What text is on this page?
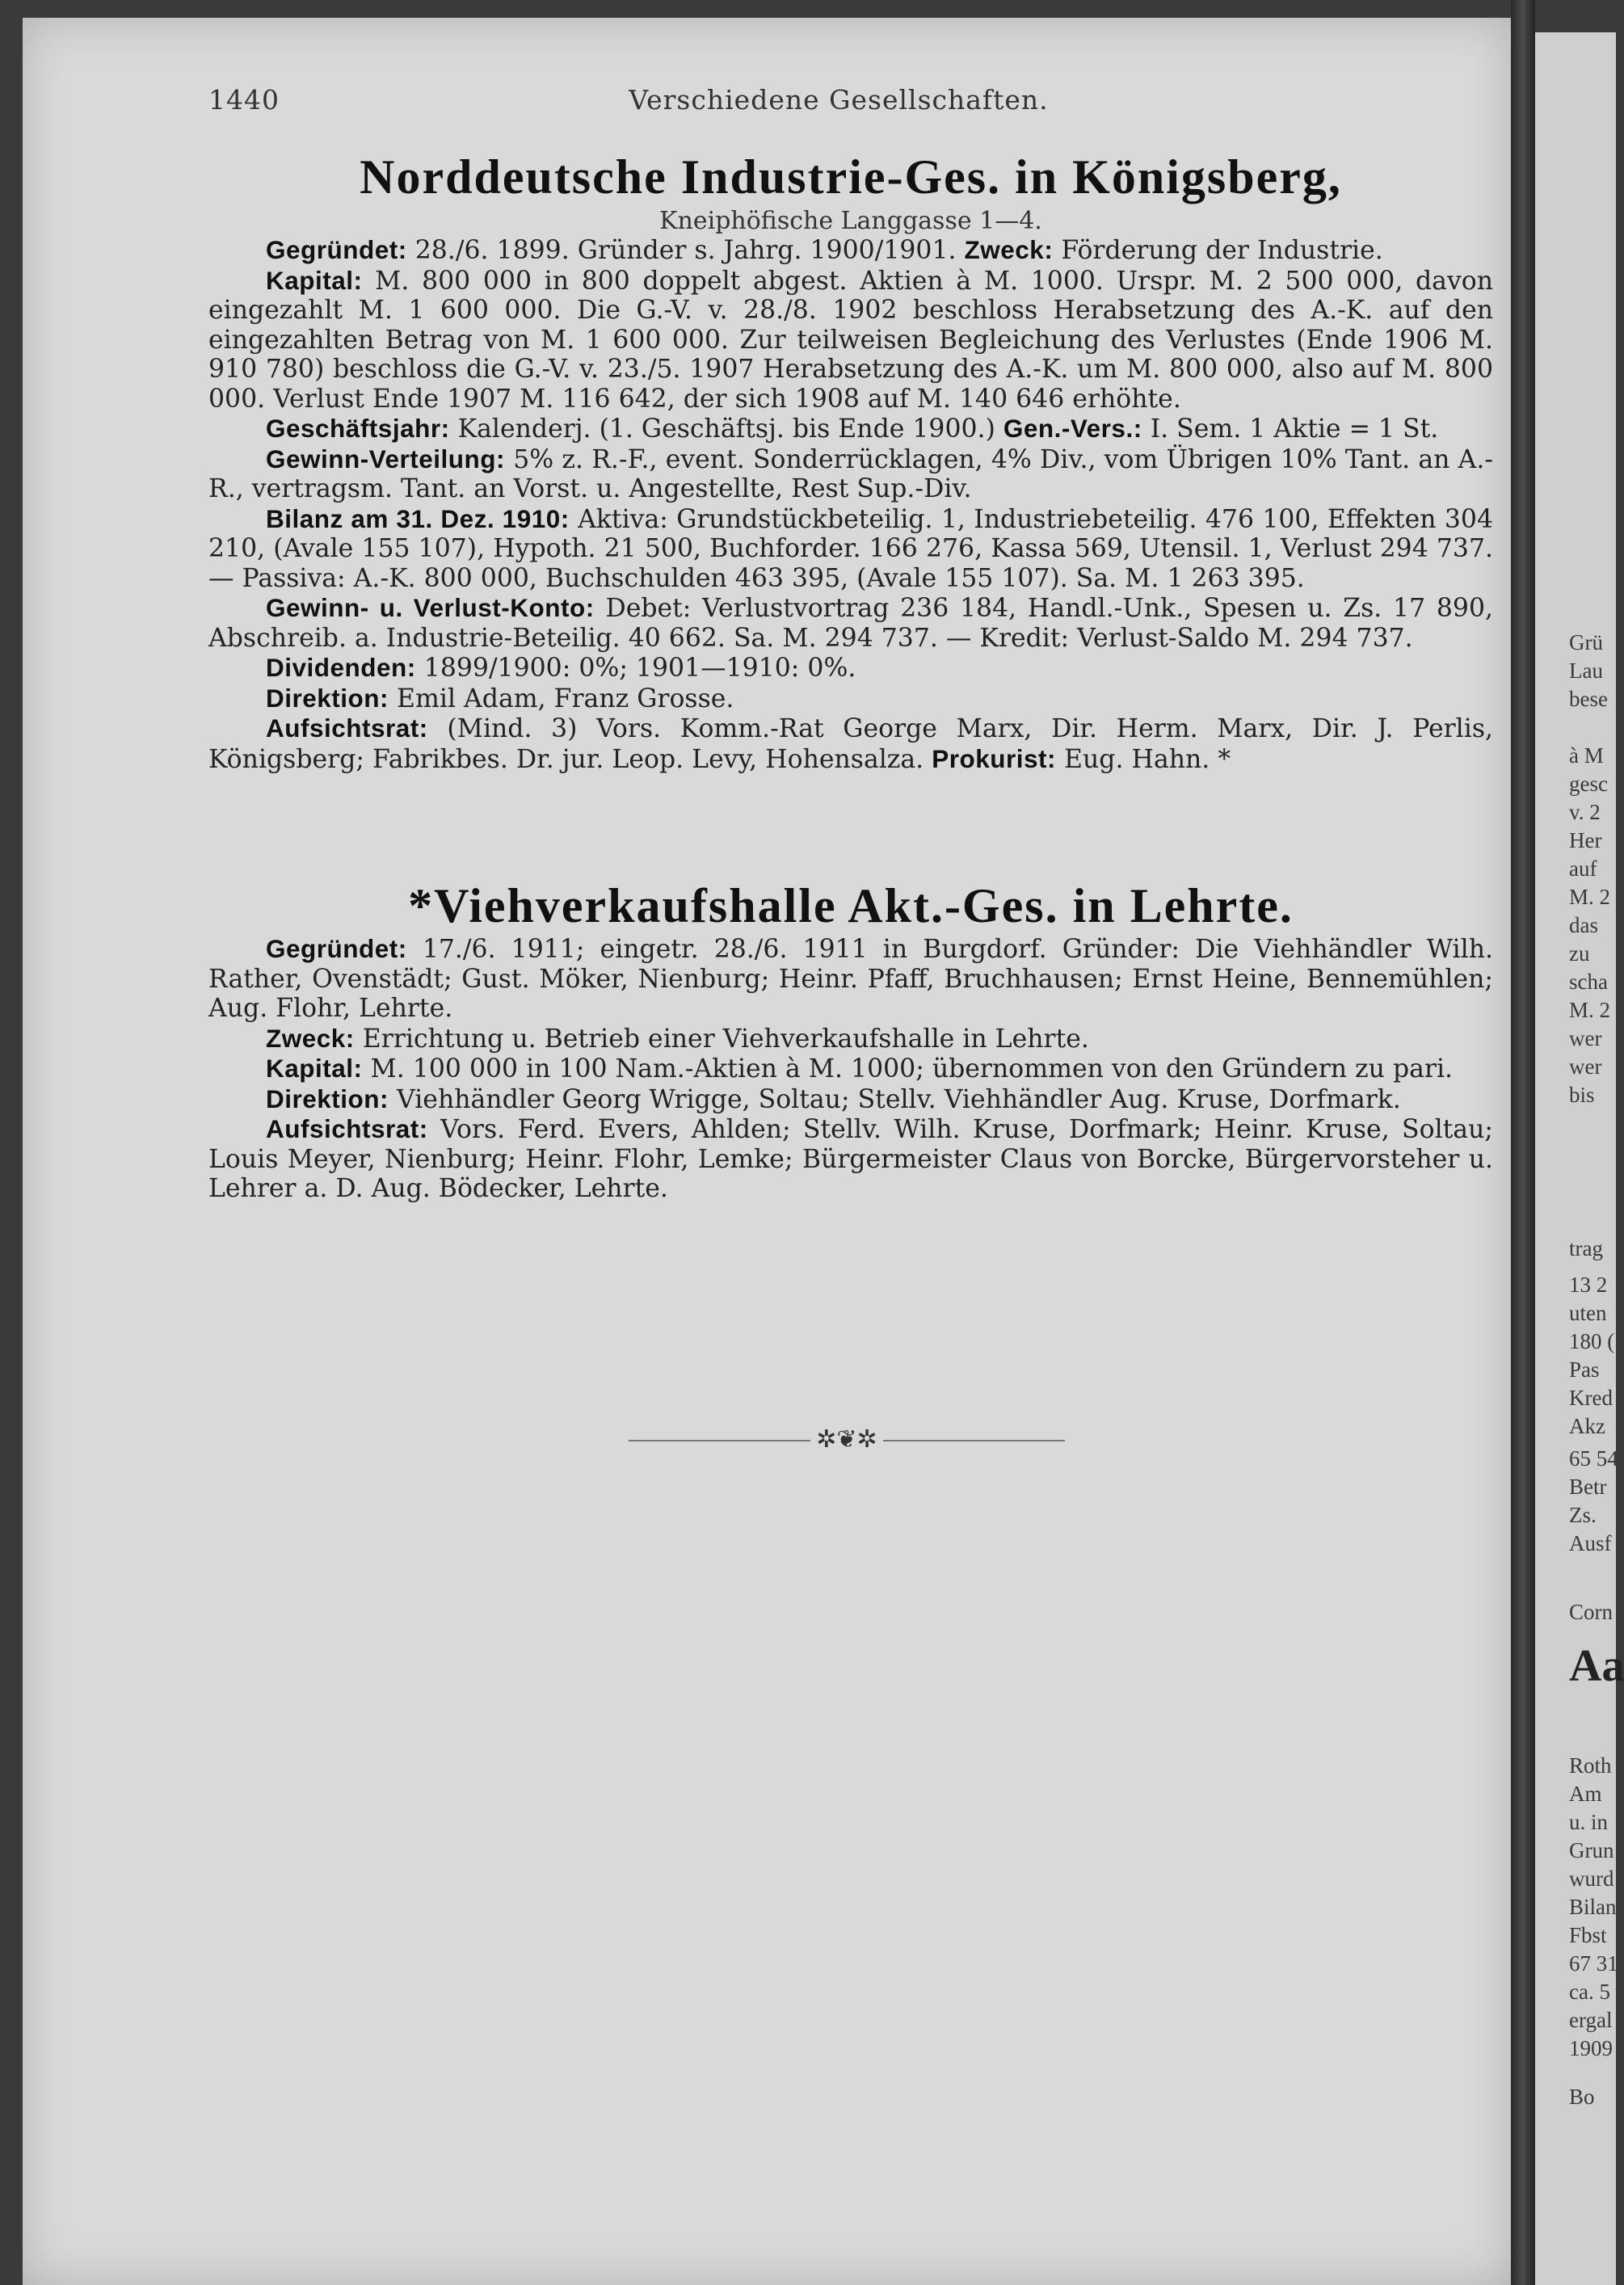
1440	Verschiedene Gesellschaften.
Norddeutsche Industrie-Ges. in Königsberg,
Kneiphöfische Langgasse 1—4.

Gegründet: 28./6. 1899. Gründer s. Jahrg. 1900/1901. Zweck: Förderung der Industrie.

Kapital: M. 800 000 in 800 doppelt abgest. Aktien à M. 1000. Urspr. M. 2 500 000, davon eingezahlt M. 1 600 000. Die G.-V. v. 28./8. 1902 beschloss Herabsetzung des A.-K. auf den eingezahlten Betrag von M. 1 600 000. Zur teilweisen Begleichung des Verlustes (Ende 1906 M. 910 780) beschloss die G.-V. v. 23./5. 1907 Herabsetzung des A.-K. um M. 800 000, also auf M. 800 000. Verlust Ende 1907 M. 116 642, der sich 1908 auf M. 140 646 erhöhte.

Geschäftsjahr: Kalenderj. (1. Geschäftsj. bis Ende 1900.) Gen.-Vers.: I. Sem. 1 Aktie = 1 St.

Gewinn-Verteilung: 5% z. R.-F., event. Sonderrücklagen, 4% Div., vom Übrigen 10% Tant. an A.-R., vertragsm. Tant. an Vorst. u. Angestellte, Rest Sup.-Div.

Bilanz am 31. Dez. 1910: Aktiva: Grundstückbeteilig. 1, Industriebeteilig. 476 100, Effekten 304 210, (Avale 155 107), Hypoth. 21 500, Buchforder. 166 276, Kassa 569, Utensil. 1, Verlust 294 737. — Passiva: A.-K. 800 000, Buchschulden 463 395, (Avale 155 107). Sa. M. 1 263 395.

Gewinn- u. Verlust-Konto: Debet: Verlustvortrag 236 184, Handl.-Unk., Spesen u. Zs. 17 890, Abschreib. a. Industrie-Beteilig. 40 662. Sa. M. 294 737. — Kredit: Verlust-Saldo M. 294 737.

Dividenden: 1899/1900: 0%; 1901—1910: 0%.

Direktion: Emil Adam, Franz Grosse.

Aufsichtsrat: (Mind. 3) Vors. Komm.-Rat George Marx, Dir. Herm. Marx, Dir. J. Perlis, Königsberg; Fabrikbes. Dr. jur. Leop. Levy, Hohensalza. Prokurist: Eug. Hahn. *

*Viehverkaufshalle Akt.-Ges. in Lehrte.

Gegründet: 17./6. 1911; eingetr. 28./6. 1911 in Burgdorf. Gründer: Die Viehhändler Wilh. Rather, Ovenstädt; Gust. Möker, Nienburg; Heinr. Pfaff, Bruchhausen; Ernst Heine, Bennemühlen; Aug. Flohr, Lehrte.

Zweck: Errichtung u. Betrieb einer Viehverkaufshalle in Lehrte.

Kapital: M. 100 000 in 100 Nam.-Aktien à M. 1000; übernommen von den Gründern zu pari.

Direktion: Viehhändler Georg Wrigge, Soltau; Stellv. Viehhändler Aug. Kruse, Dorfmark.

Aufsichtsrat: Vors. Ferd. Evers, Ahlden; Stellv. Wilh. Kruse, Dorfmark; Heinr. Kruse, Soltau; Louis Meyer, Nienburg; Heinr. Flohr, Lemke; Bürgermeister Claus von Borcke, Bürgervorsteher u. Lehrer a. D. Aug. Bödecker, Lehrte.

✲❦✲
Grü
Lau
bese
à M
gesc
v. 2
Her
auf
M. 2
das
zu
scha
M. 2
wer
wer
bis
trag
13 2
uten
180 (
Pas
Kred
Akz
65 54
Betr
Zs.
Ausf
Corn
Aa
Roth
Am
u. in
Grun
wurd
Bilan
Fbst
67 31
ca. 5
ergal
1909
Bo
